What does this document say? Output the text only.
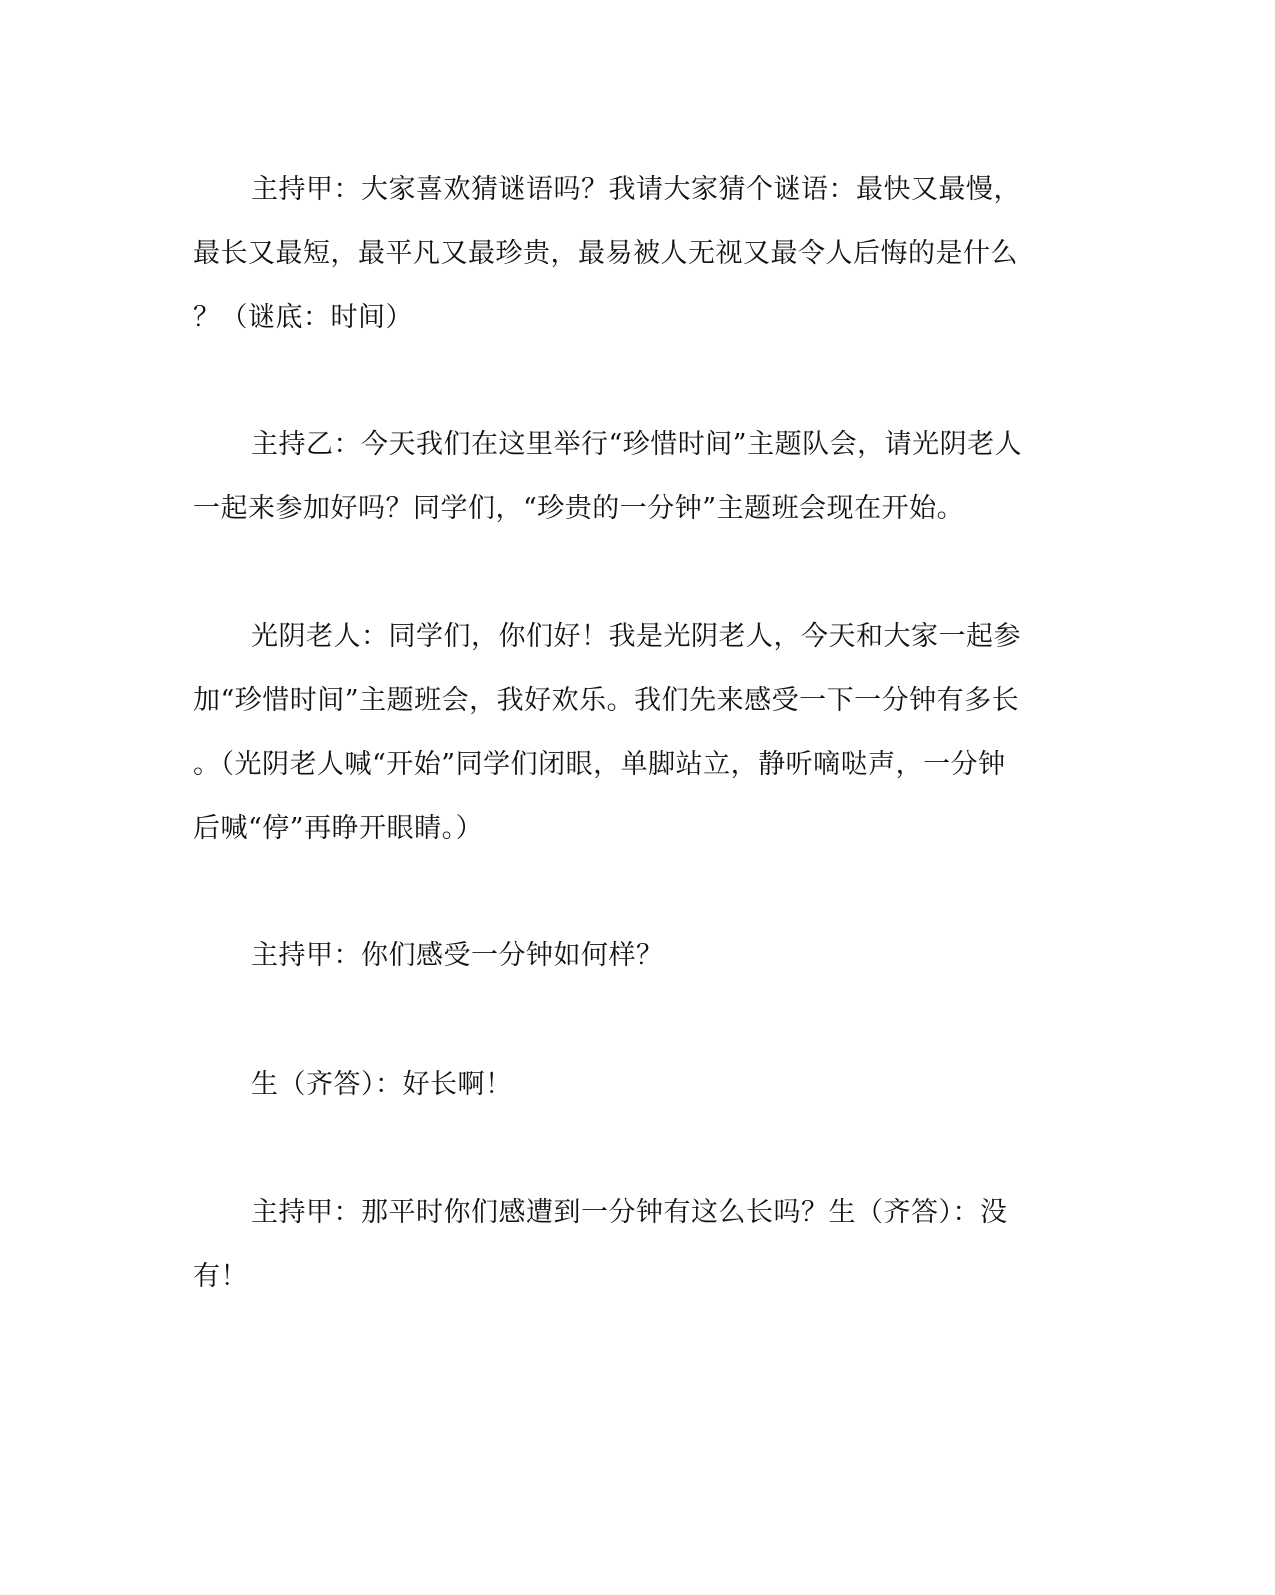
主持甲：大家喜欢猜谜语吗？我请大家猜个谜语：最快又最慢，
最长又最短，最平凡又最珍贵，最易被人无视又最令人后悔的是什么
？（谜底：时间）
主持乙：今天我们在这里举行“珍惜时间”主题队会，请光阴老人
一起来参加好吗？同学们，“珍贵的一分钟”主题班会现在开始。
光阴老人：同学们，你们好！我是光阴老人，今天和大家一起参
加“珍惜时间”主题班会，我好欢乐。我们先来感受一下一分钟有多长
。（光阴老人喊“开始”同学们闭眼，单脚站立，静听嘀哒声，一分钟
后喊“停”再睁开眼睛。）
主持甲：你们感受一分钟如何样？
生（齐答）：好长啊！
主持甲：那平时你们感遭到一分钟有这么长吗？生（齐答）：没
有！
